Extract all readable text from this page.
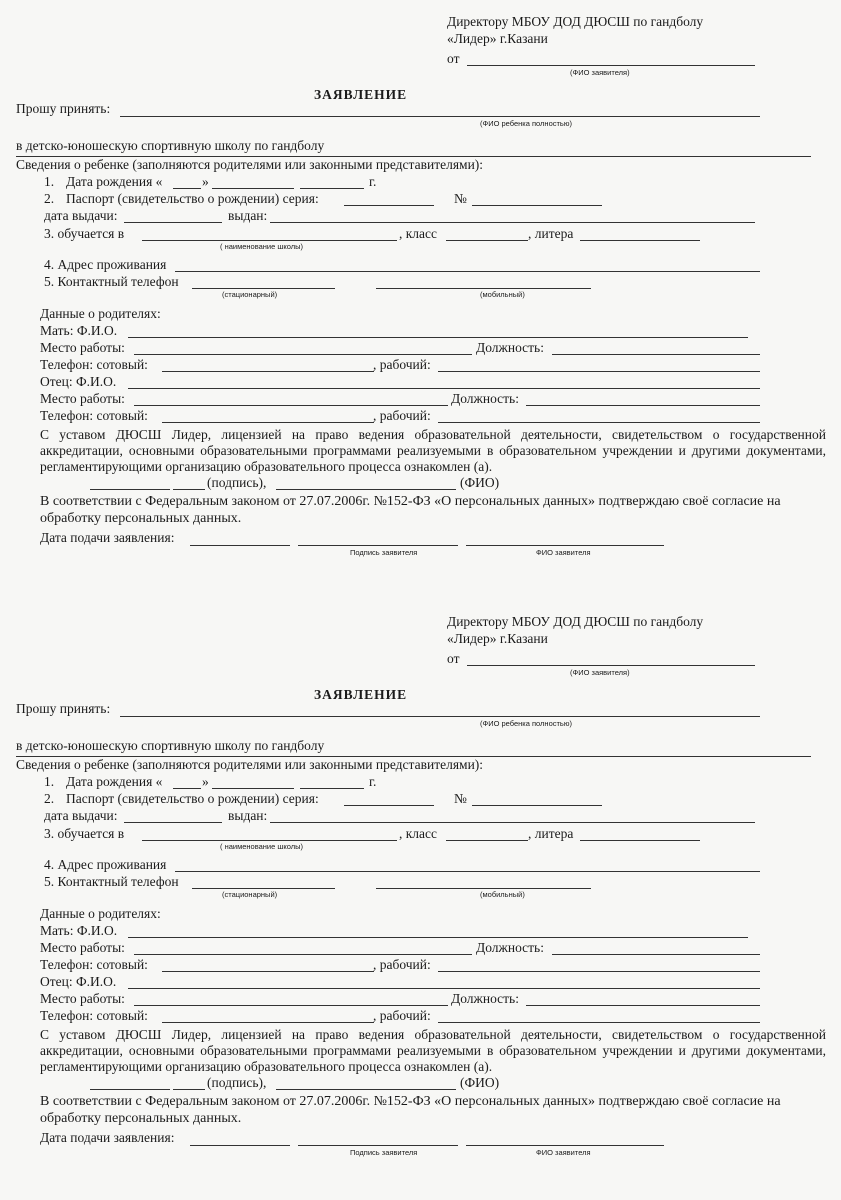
Директору МБОУ ДОД ДЮСШ по гандболу
«Лидер» г.Казани
от
(ФИО заявителя)
ЗАЯВЛЕНИЕ
Прошу принять:
(ФИО ребенка полностью)
в детско-юношескую спортивную школу по гандболу
Сведения о ребенке (заполняются родителями или законными представителями):
1. Дата рождения «	»	г.
2. Паспорт (свидетельство о рождении) серия:	№
дата выдачи:	выдан:
3. обучается в
( наименование школы)
, класс	, литера
4. Адрес проживания
5. Контактный телефон
(стационарный)	(мобильный)
Данные о родителях:
Мать: Ф.И.О.
Место работы:	Должность:
Телефон: сотовый:	, рабочий:
Отец: Ф.И.О.
Место работы:	Должность:
Телефон: сотовый:	, рабочий:
С уставом ДЮСШ Лидер, лицензией на право ведения образовательной деятельности, свидетельством о государственной аккредитации, основными образовательными программами реализуемыми в образовательном учреждении и другими документами, регламентирующими организацию образовательного процесса ознакомлен (а).
(подпись),	(ФИО)
В соответствии с Федеральным законом от 27.07.2006г. №152-ФЗ «О персональных данных» подтверждаю своё согласие на обработку персональных данных.
Дата подачи заявления:
Подпись заявителя	ФИО заявителя
Директору МБОУ ДОД ДЮСШ по гандболу
«Лидер» г.Казани
от
(ФИО заявителя)
ЗАЯВЛЕНИЕ
Прошу принять:
(ФИО ребенка полностью)
в детско-юношескую спортивную школу по гандболу
Сведения о ребенке (заполняются родителями или законными представителями):
1. Дата рождения «	»	г.
2. Паспорт (свидетельство о рождении) серия:	№
дата выдачи:	выдан:
3. обучается в
( наименование школы)
, класс	, литера
4. Адрес проживания
5. Контактный телефон
(стационарный)	(мобильный)
Данные о родителях:
Мать: Ф.И.О.
Место работы:	Должность:
Телефон: сотовый:	, рабочий:
Отец: Ф.И.О.
Место работы:	Должность:
Телефон: сотовый:	, рабочий:
С уставом ДЮСШ Лидер, лицензией на право ведения образовательной деятельности, свидетельством о государственной аккредитации, основными образовательными программами реализуемыми в образовательном учреждении и другими документами, регламентирующими организацию образовательного процесса ознакомлен (а).
(подпись),	(ФИО)
В соответствии с Федеральным законом от 27.07.2006г. №152-ФЗ «О персональных данных» подтверждаю своё согласие на обработку персональных данных.
Дата подачи заявления:
Подпись заявителя	ФИО заявителя
